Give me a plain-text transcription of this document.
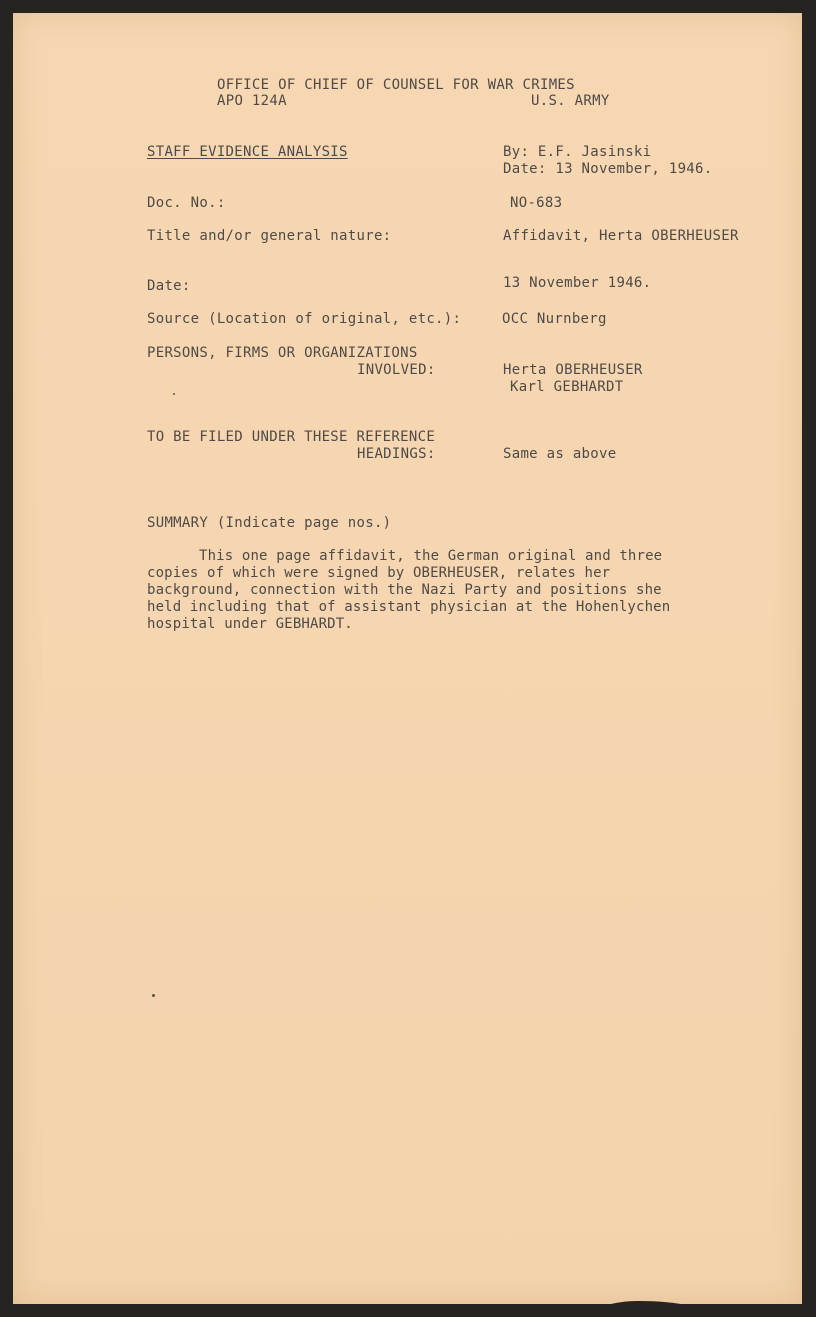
OFFICE OF CHIEF OF COUNSEL FOR WAR CRIMES
APO 124A	U.S. ARMY
STAFF EVIDENCE ANALYSIS	By: E.F. Jasinski
Date: 13 November, 1946.
Doc. No.:	NO-683
Title and/or general nature:	Affidavit, Herta OBERHEUSER
Date:	13 November 1946.
Source (Location of original, etc.):	OCC Nurnberg
PERSONS, FIRMS OR ORGANIZATIONS
INVOLVED:	Herta OBERHEUSER
Karl GEBHARDT
TO BE FILED UNDER THESE REFERENCE
HEADINGS:	Same as above
SUMMARY (Indicate page nos.)
This one page affidavit, the German original and three
copies of which were signed by OBERHEUSER, relates her
background, connection with the Nazi Party and positions she
held including that of assistant physician at the Hohenlychen
hospital under GEBHARDT.
